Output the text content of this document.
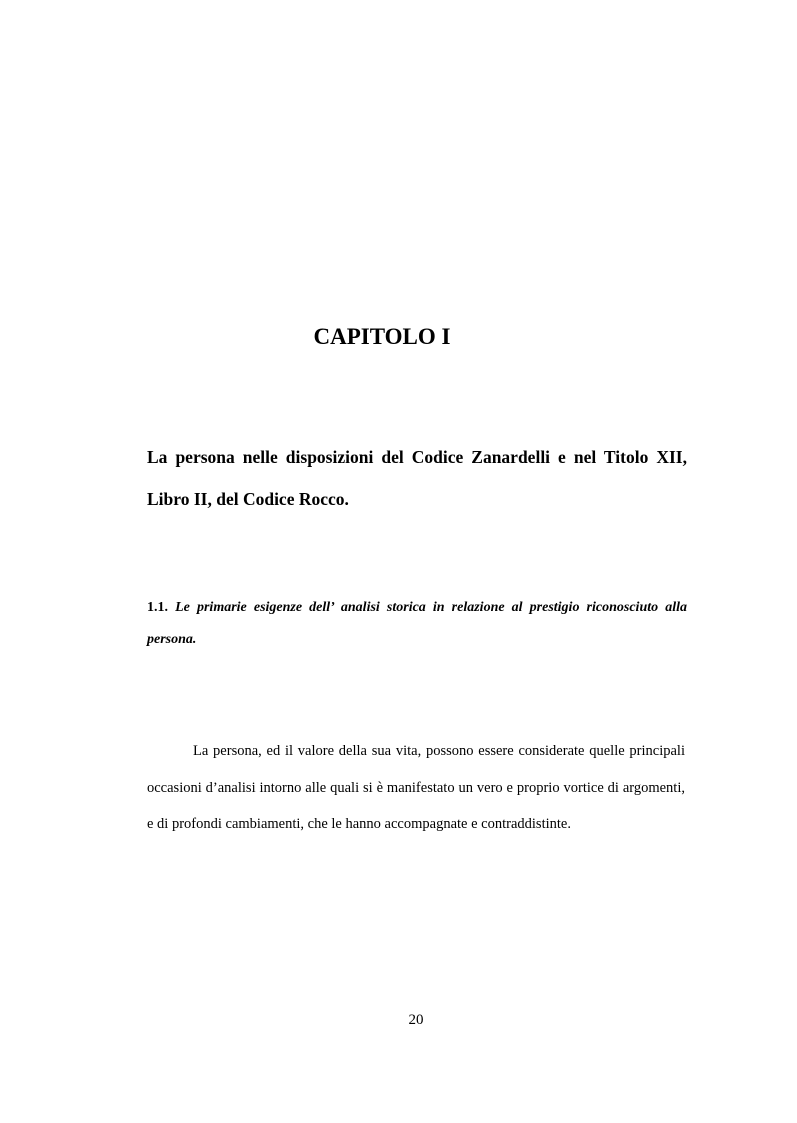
CAPITOLO I
La persona nelle disposizioni del Codice Zanardelli e nel Titolo XII, Libro II, del Codice Rocco.
1.1. Le primarie esigenze dell’ analisi storica in relazione al prestigio riconosciuto alla persona.

La persona, ed il valore della sua vita, possono essere considerate quelle principali occasioni d’analisi intorno alle quali si è manifestato un vero e proprio vortice di argomenti, e di profondi cambiamenti, che le hanno accompagnate e contraddistinte.

20
